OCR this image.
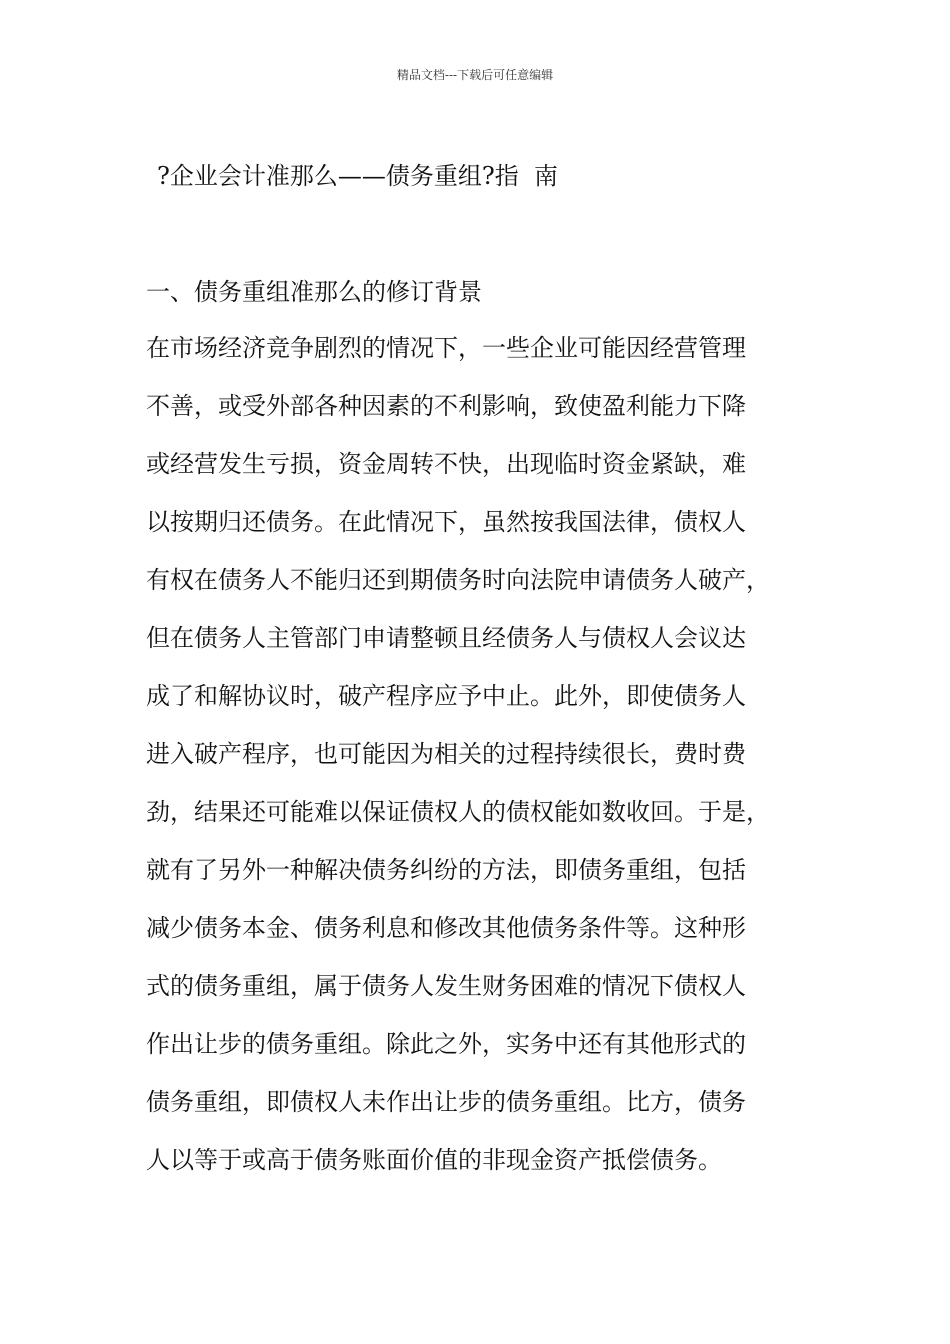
精品文档---下载后可任意编辑
?企业会计准那么——债务重组?指  南
一、债务重组准那么的修订背景
在市场经济竞争剧烈的情况下，一些企业可能因经营管理
不善，或受外部各种因素的不利影响，致使盈利能力下降
或经营发生亏损，资金周转不快，出现临时资金紧缺，难
以按期归还债务。在此情况下，虽然按我国法律，债权人
有权在债务人不能归还到期债务时向法院申请债务人破产，
但在债务人主管部门申请整顿且经债务人与债权人会议达
成了和解协议时，破产程序应予中止。此外，即使债务人
进入破产程序，也可能因为相关的过程持续很长，费时费
劲，结果还可能难以保证债权人的债权能如数收回。于是，
就有了另外一种解决债务纠纷的方法，即债务重组，包括
减少债务本金、债务利息和修改其他债务条件等。这种形
式的债务重组，属于债务人发生财务困难的情况下债权人
作出让步的债务重组。除此之外，实务中还有其他形式的
债务重组，即债权人未作出让步的债务重组。比方，债务
人以等于或高于债务账面价值的非现金资产抵偿债务。
